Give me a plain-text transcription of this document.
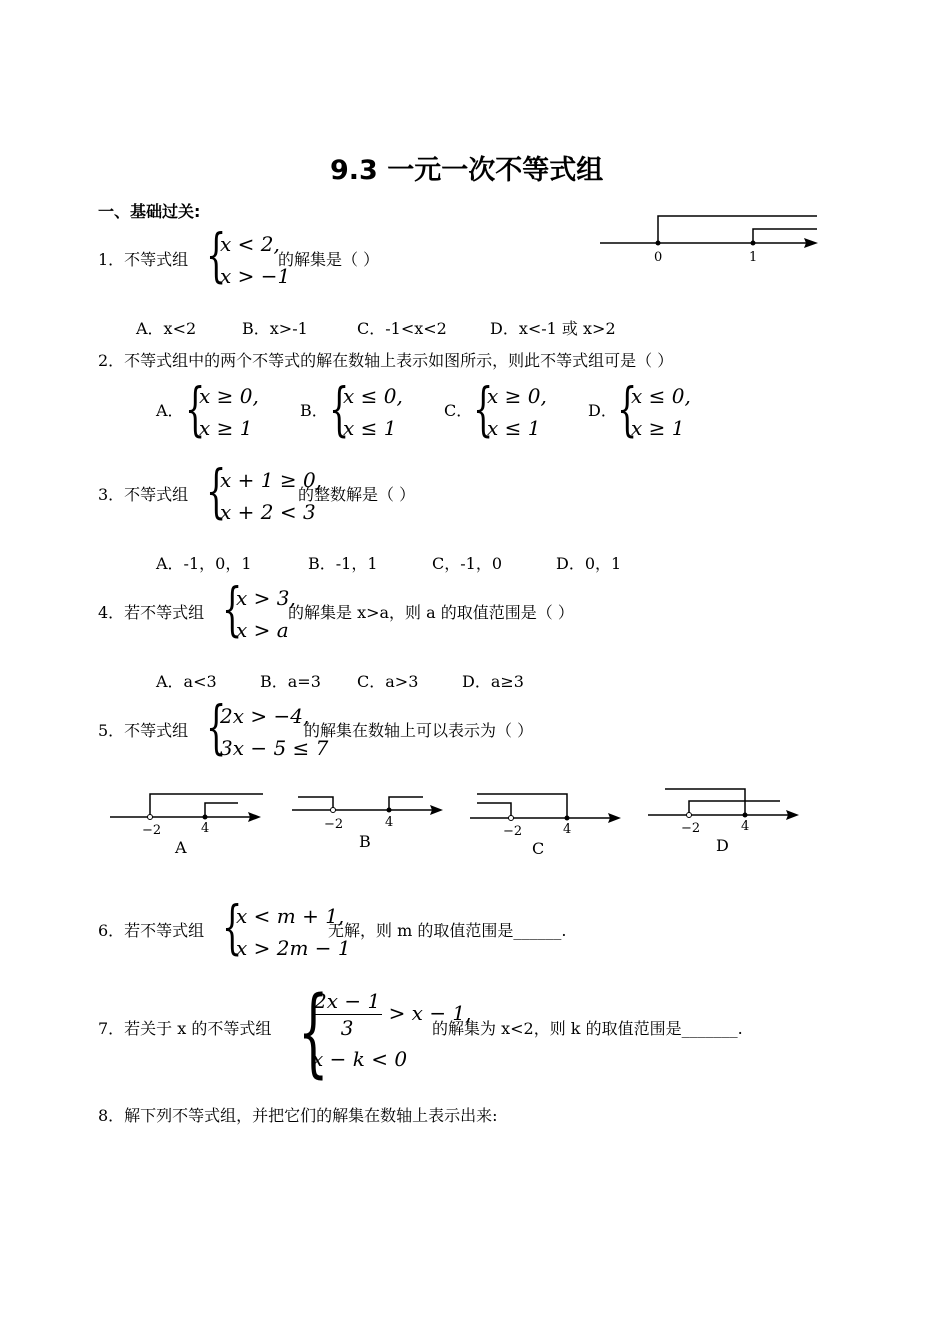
9.3 一元一次不等式组
一、基础过关:
1．不等式组 {
x < 2,
x > −1
的解集是（ ）
A．x<2	B．x>-1	C．-1<x<2	D．x<-1 或 x>2
0	1
2．不等式组中的两个不等式的解在数轴上表示如图所示，则此不等式组可是（ ）
A． {
x ≥ 0,
x ≥ 1
B． {
x ≤ 0,
x ≤ 1
C． {
x ≥ 0,
x ≤ 1
D． {
x ≤ 0,
x ≥ 1
3．不等式组 {
x + 1 ≥ 0,
x + 2 < 3
的整数解是（ ）
A．-1，0，1	B．-1，1	C，-1，0	D．0，1
4．若不等式组 {
x > 3,
x > a
的解集是 x>a，则 a 的取值范围是（ ）
A．a<3	B．a=3 C．a>3	D．a≥3
5．不等式组 {
2x > −4,
3x − 5 ≤ 7
的解集在数轴上可以表示为（ ）
−2	4
A
−2	4
B
−2	4
C
−2	4
D
6．若不等式组 {
x < m + 1,
x > 2m − 1
无解，则 m 的取值范围是______.
7．若关于 x 的不等式组 {
$\frac{2x - 1}{3} > x - 1$,
x − k < 0
的解集为 x<2，则 k 的取值范围是_______.
8．解下列不等式组，并把它们的解集在数轴上表示出来:
